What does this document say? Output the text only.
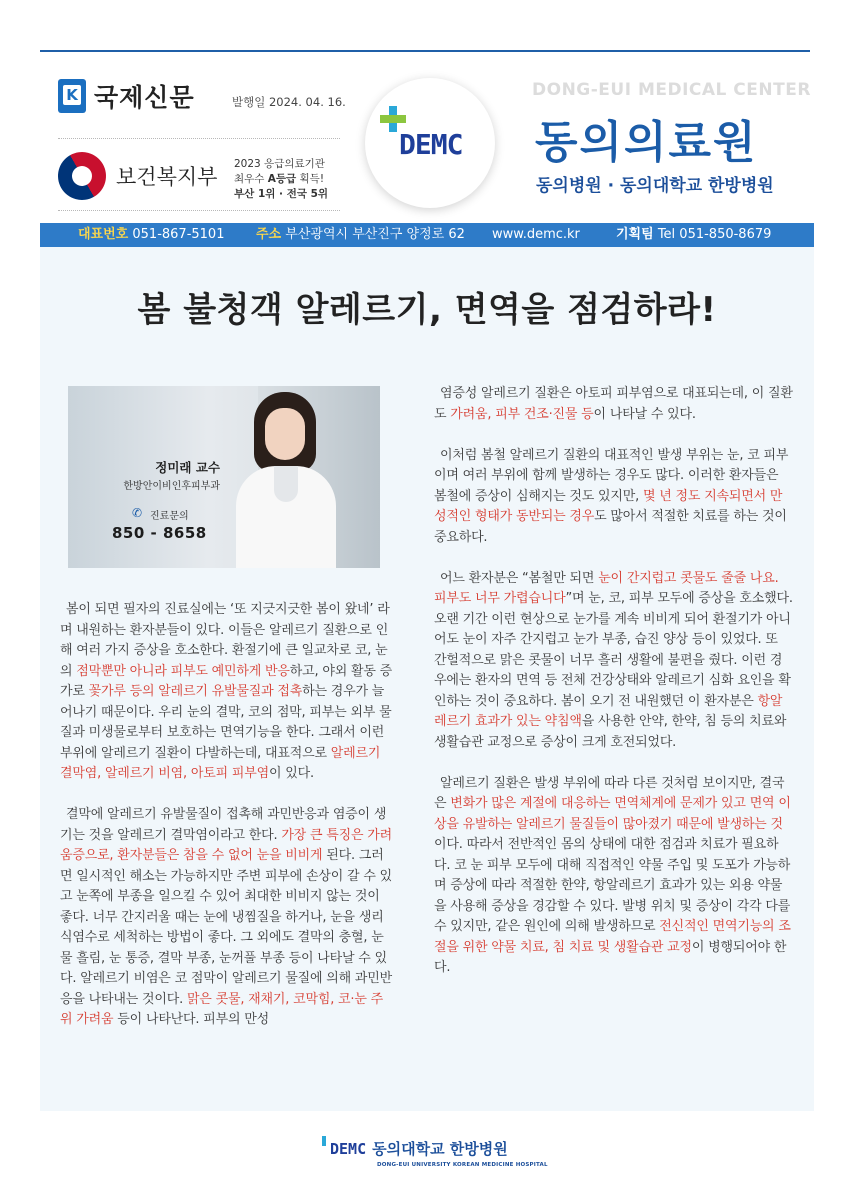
K 국제신문	발행일 2024. 04. 16.
보건복지부
2023 응급의료기관
최우수 A등급 획득!
부산 1위 · 전국 5위
DEMC
DONG-EUI MEDICAL CENTER
동의의료원
동의병원 · 동의대학교 한방병원
대표번호 051-867-5101 주소 부산광역시 부산진구 양정로 62 www.demc.kr	기획팀 Tel 051-850-8679
봄 불청객 알레르기, 면역을 점검하라!
정미래 교수
한방안이비인후피부과
✆ 진료문의
850 - 8658

봄이 되면 필자의 진료실에는 ‘또 지긋지긋한 봄이 왔네’ 라며 내원하는 환자분들이 있다. 이들은 알레르기 질환으로 인해 여러 가지 증상을 호소한다. 환절기에 큰 일교차로 코, 눈의 점막뿐만 아니라 피부도 예민하게 반응하고, 야외 활동 증가로 꽃가루 등의 알레르기 유발물질과 접촉하는 경우가 늘어나기 때문이다. 우리 눈의 결막, 코의 점막, 피부는 외부 물질과 미생물로부터 보호하는 면역기능을 한다. 그래서 이런 부위에 알레르기 질환이 다발하는데, 대표적으로 알레르기 결막염, 알레르기 비염, 아토피 피부염이 있다.

결막에 알레르기 유발물질이 접촉해 과민반응과 염증이 생기는 것을 알레르기 결막염이라고 한다. 가장 큰 특징은 가려움증으로, 환자분들은 참을 수 없어 눈을 비비게 된다. 그러면 일시적인 해소는 가능하지만 주변 피부에 손상이 갈 수 있고 눈쪽에 부종을 일으킬 수 있어 최대한 비비지 않는 것이 좋다. 너무 간지러울 때는 눈에 냉찜질을 하거나, 눈을 생리식염수로 세척하는 방법이 좋다. 그 외에도 결막의 충혈, 눈물 흘림, 눈 통증, 결막 부종, 눈꺼풀 부종 등이 나타날 수 있다. 알레르기 비염은 코 점막이 알레르기 물질에 의해 과민반응을 나타내는 것이다. 맑은 콧물, 재채기, 코막힘, 코·눈 주위 가려움 등이 나타난다. 피부의 만성

염증성 알레르기 질환은 아토피 피부염으로 대표되는데, 이 질환도 가려움, 피부 건조·진물 등이 나타날 수 있다.

이처럼 봄철 알레르기 질환의 대표적인 발생 부위는 눈, 코 피부이며 여러 부위에 함께 발생하는 경우도 많다. 이러한 환자들은 봄철에 증상이 심해지는 것도 있지만, 몇 년 정도 지속되면서 만성적인 형태가 동반되는 경우도 많아서 적절한 치료를 하는 것이 중요하다.

어느 환자분은 “봄철만 되면 눈이 간지럽고 콧물도 줄줄 나요. 피부도 너무 가렵습니다”며 눈, 코, 피부 모두에 증상을 호소했다. 오랜 기간 이런 현상으로 눈가를 계속 비비게 되어 환절기가 아니어도 눈이 자주 간지럽고 눈가 부종, 습진 양상 등이 있었다. 또 간헐적으로 맑은 콧물이 너무 흘러 생활에 불편을 줬다. 이런 경우에는 환자의 면역 등 전체 건강상태와 알레르기 심화 요인을 확인하는 것이 중요하다. 봄이 오기 전 내원했던 이 환자분은 항알레르기 효과가 있는 약침액을 사용한 안약, 한약, 침 등의 치료와 생활습관 교정으로 증상이 크게 호전되었다.

알레르기 질환은 발생 부위에 따라 다른 것처럼 보이지만, 결국은 변화가 많은 계절에 대응하는 면역체계에 문제가 있고 면역 이상을 유발하는 알레르기 물질들이 많아졌기 때문에 발생하는 것이다. 따라서 전반적인 몸의 상태에 대한 점검과 치료가 필요하다. 코 눈 피부 모두에 대해 직접적인 약물 주입 및 도포가 가능하며 증상에 따라 적절한 한약, 항알레르기 효과가 있는 외용 약물을 사용해 증상을 경감할 수 있다. 발병 위치 및 증상이 각각 다를 수 있지만, 같은 원인에 의해 발생하므로 전신적인 면역기능의 조절을 위한 약물 치료, 침 치료 및 생활습관 교정이 병행되어야 한다.

DEMC 동의대학교 한방병원
DONG-EUI UNIVERSITY KOREAN MEDICINE HOSPITAL
